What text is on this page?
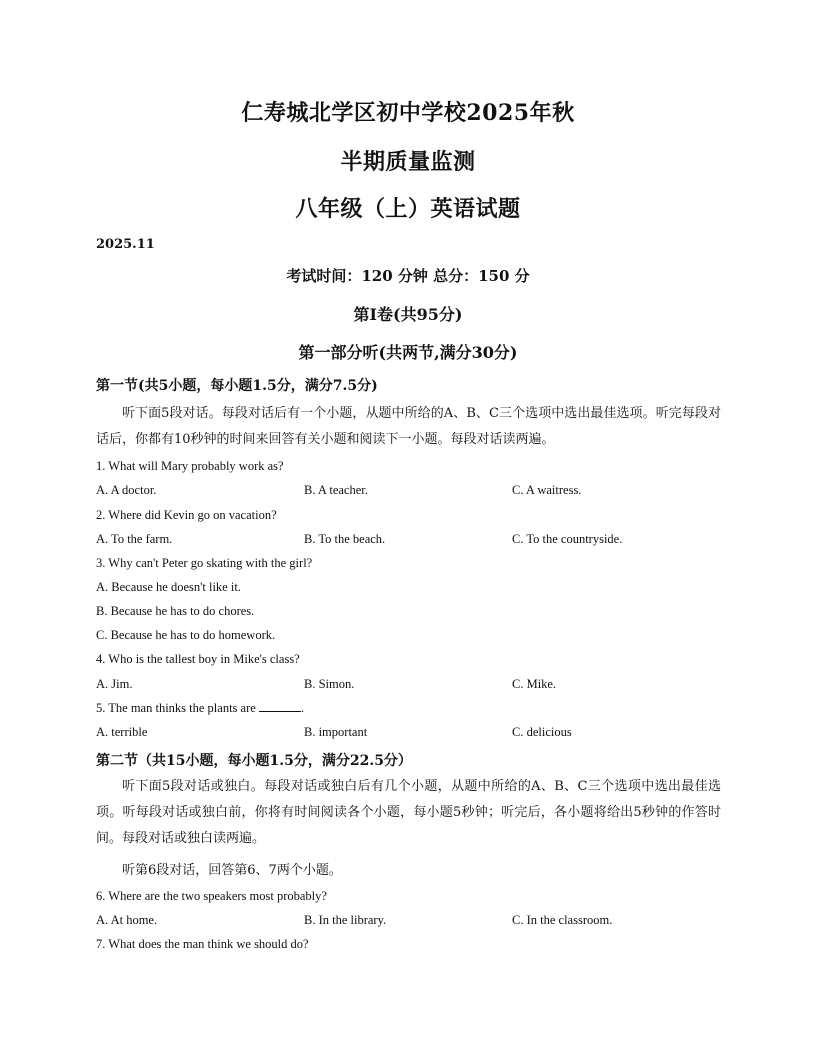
仁寿城北学区初中学校2025年秋
半期质量监测
八年级（上）英语试题
2025.11
考试时间：120 分钟 总分：150 分
第I卷(共95分)
第一部分听(共两节,满分30分)
第一节(共5小题，每小题1.5分，满分7.5分)
听下面5段对话。每段对话后有一个小题，从题中所给的A、B、C三个选项中选出最佳选项。听完每段对话后，你都有10秒钟的时间来回答有关小题和阅读下一小题。每段对话读两遍。
1. What will Mary probably work as?
A. A doctor.	B. A teacher.	C. A waitress.
2. Where did Kevin go on vacation?
A. To the farm.	B. To the beach.	C. To the countryside.
3. Why can't Peter go skating with the girl?
A. Because he doesn't like it.
B. Because he has to do chores.
C. Because he has to do homework.
4. Who is the tallest boy in Mike's class?
A. Jim.	B. Simon.	C. Mike.
5. The man thinks the plants are	.
A. terrible	B. important	C. delicious
第二节（共15小题，每小题1.5分，满分22.5分）
听下面5段对话或独白。每段对话或独白后有几个小题，从题中所给的A、B、C三个选项中选出最佳选项。听每段对话或独白前，你将有时间阅读各个小题，每小题5秒钟；听完后，各小题将给出5秒钟的作答时间。每段对话或独白读两遍。
听第6段对话，回答第6、7两个小题。
6. Where are the two speakers most probably?
A. At home.	B. In the library.	C. In the classroom.
7. What does the man think we should do?
